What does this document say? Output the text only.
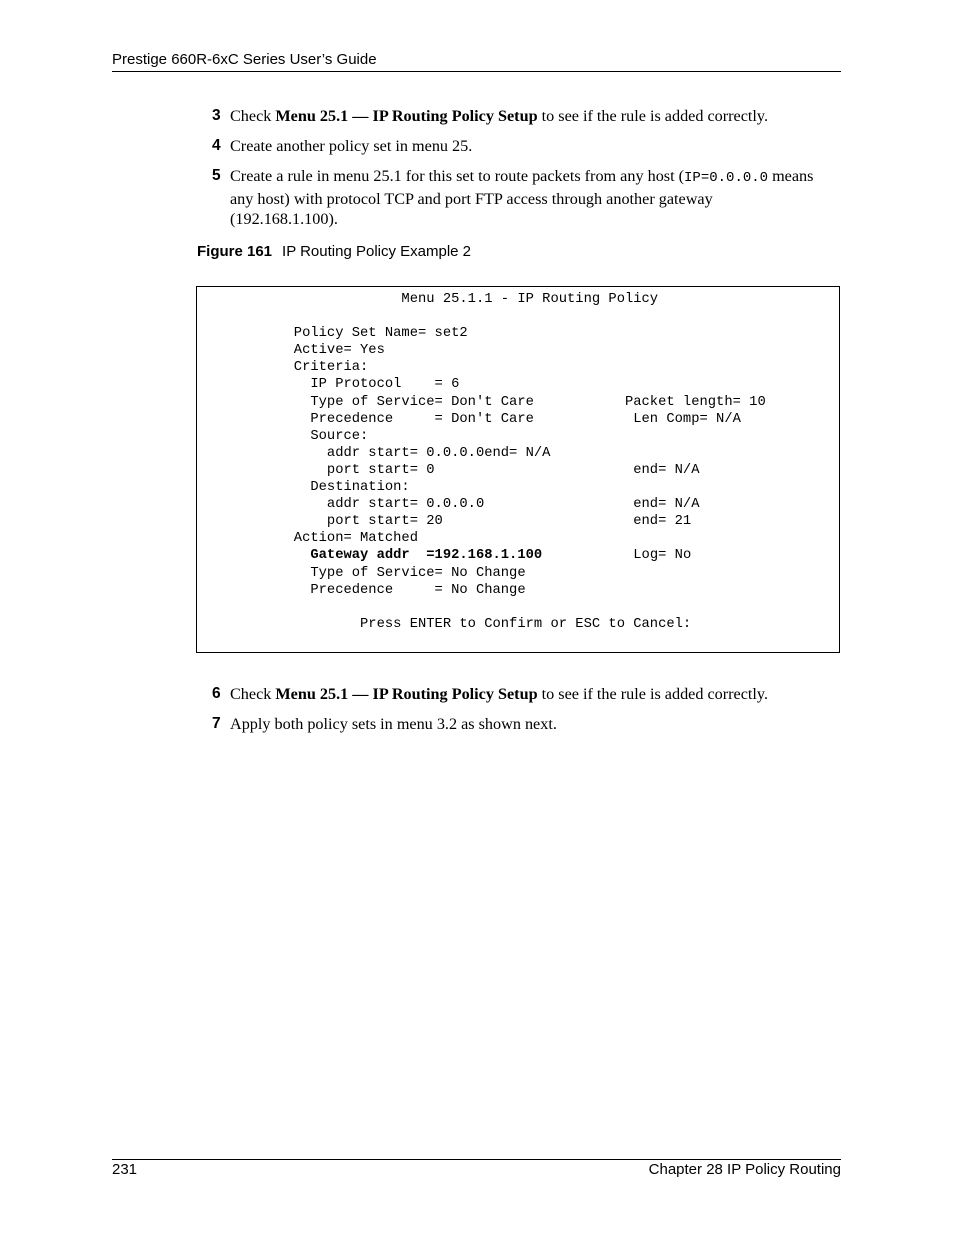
Prestige 660R-6xC Series User’s Guide
3 Check Menu 25.1 — IP Routing Policy Setup to see if the rule is added correctly.
4 Create another policy set in menu 25.
5 Create a rule in menu 25.1 for this set to route packets from any host (IP=0.0.0.0 means any host) with protocol TCP and port FTP access through another gateway (192.168.1.100).
Figure 161 IP Routing Policy Example 2
Menu 25.1.1 - IP Routing Policy

Policy Set Name= set2
Active= Yes
Criteria:
IP Protocol    = 6
Type of Service= Don't Care           Packet length= 10
Precedence     = Don't Care            Len Comp= N/A
Source:
addr start= 0.0.0.0end= N/A
port start= 0                        end= N/A
Destination:
addr start= 0.0.0.0                  end= N/A
port start= 20                       end= 21
Action= Matched
Gateway addr  =192.168.1.100           Log= No
Type of Service= No Change
Precedence     = No Change

Press ENTER to Confirm or ESC to Cancel:
6 Check Menu 25.1 — IP Routing Policy Setup to see if the rule is added correctly.
7 Apply both policy sets in menu 3.2 as shown next.
231	Chapter 28 IP Policy Routing
